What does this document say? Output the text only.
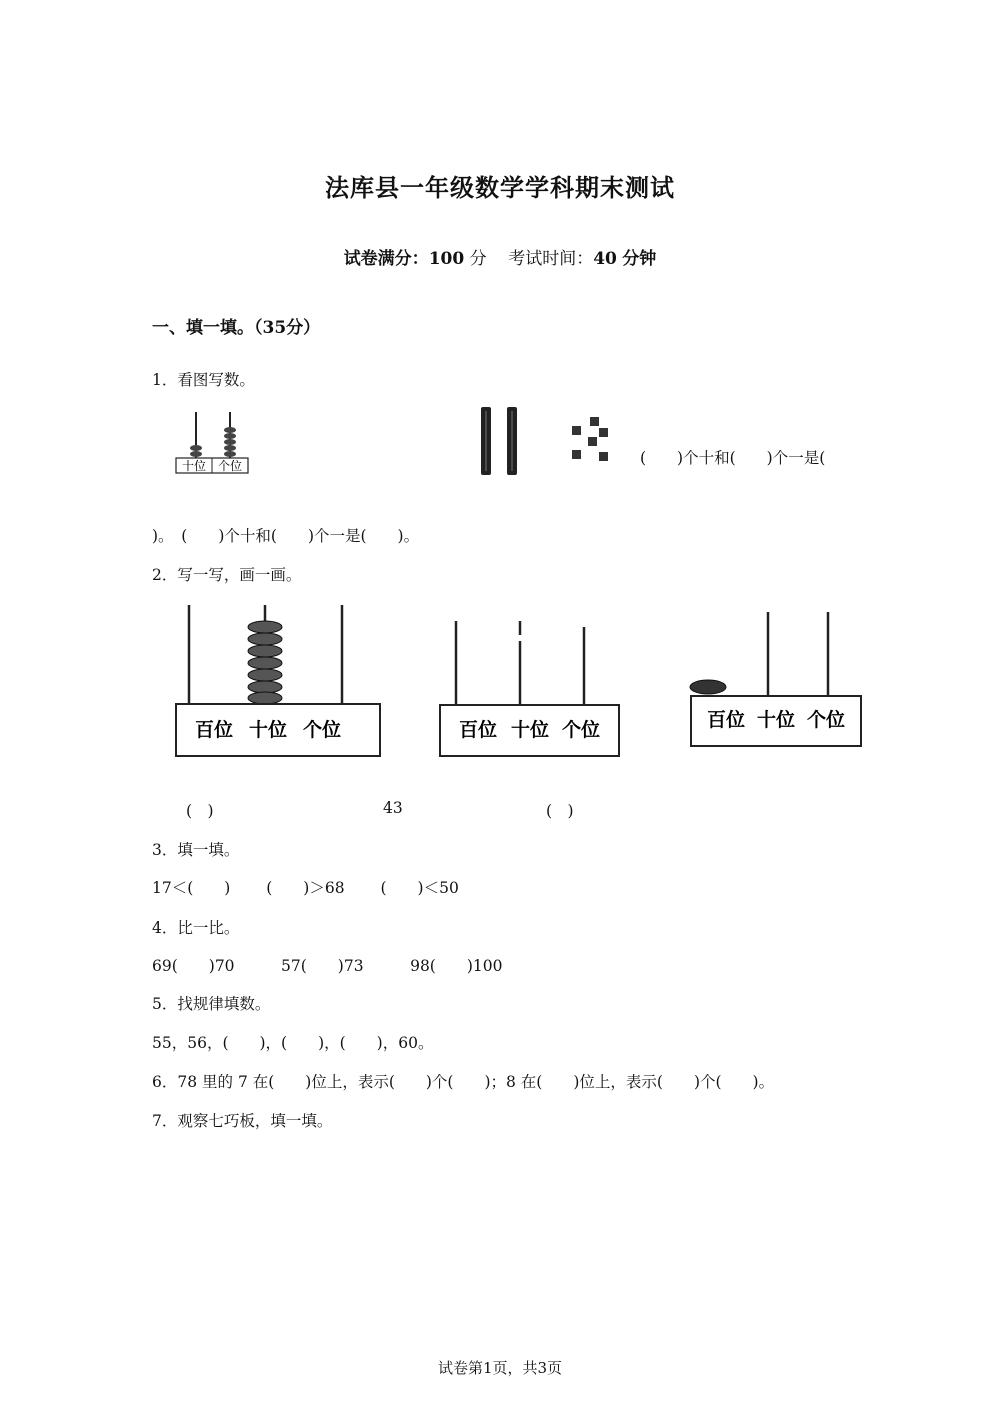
法库县一年级数学学科期末测试
试卷满分：100 分 考试时间：40 分钟
一、填一填。（35分）
1．看图写数。
十位 个位	(　　)个十和(　　)个一是(
)。　(　　)个十和(　　)个一是(　　)。
2．写一写，画一画。
百位 十位 个位	百位 十位 个位	百位 十位 个位
(　)	43	(　)
3．填一填。
17＜(　　)　　 (　　)＞68　　 (　　)＜50
4．比一比。
69(　　)70　　　57(　　)73　　　98(　　)100
5．找规律填数。
55，56，(　　)，(　　)，(　　)，60。
6．78 里的 7 在(　　)位上，表示(　　)个(　　)；8 在(　　)位上，表示(　　)个(　　)。
7．观察七巧板，填一填。
试卷第1页，共3页
